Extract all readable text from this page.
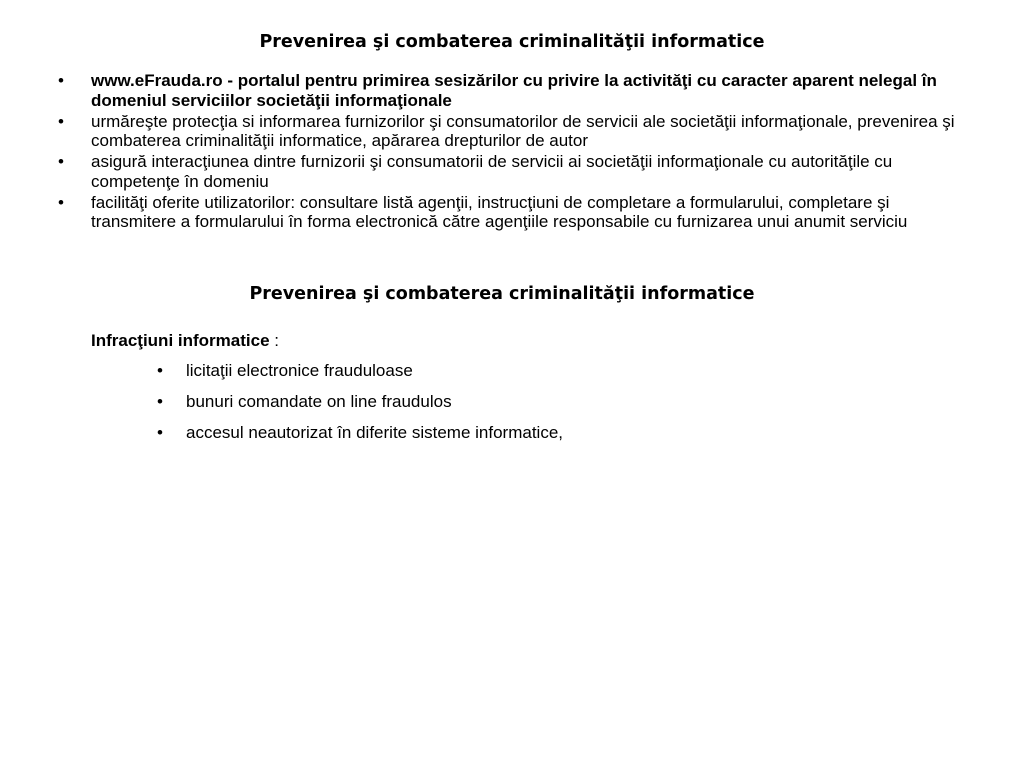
Prevenirea şi combaterea criminalităţii informatice
• www.eFrauda.ro - portalul pentru primirea sesizărilor cu privire la activităţi cu caracter aparent nelegal în domeniul serviciilor societăţii informaţionale
• urmăreşte protecţia si informarea furnizorilor şi consumatorilor de servicii ale societăţii informaţionale, prevenirea şi combaterea criminalităţii informatice, apărarea drepturilor de autor
• asigură interacţiunea dintre furnizorii şi consumatorii de servicii ai societăţii informaţionale cu autorităţile cu competenţe în domeniu
• facilităţi oferite utilizatorilor: consultare listă agenţii, instrucţiuni de completare a formularului, completare şi transmitere a formularului în forma electronică către agenţiile responsabile cu furnizarea unui anumit serviciu
Prevenirea şi combaterea criminalităţii informatice

Infracţiuni informatice :

• licitaţii electronice frauduloase
• bunuri comandate on line fraudulos
• accesul neautorizat în diferite sisteme informatice,
